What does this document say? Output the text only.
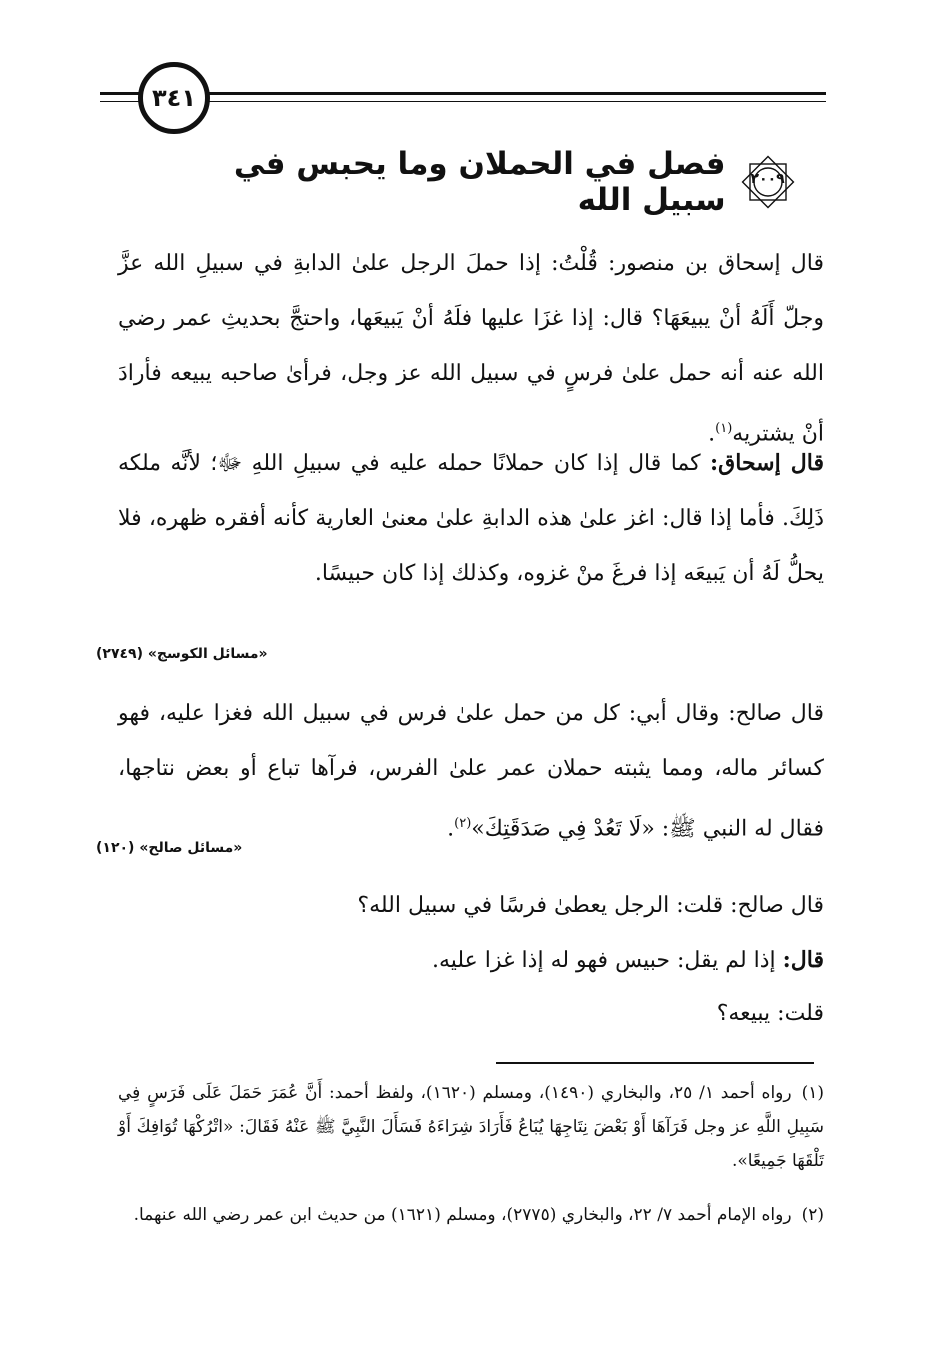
٣٤١
فصل في الحملان وما يحبس في سبيل الله
٢٠٠٩

قال إسحاق بن منصور: قُلْتُ: إذا حملَ الرجل علىٰ الدابةِ في سبيلِ الله عزَّ وجلّ أَلَهُ أنْ يبيعَهَا؟ قال: إذا غزَا عليها فلَهُ أنْ يَبيعَها، واحتجَّ بحديثِ عمر رضي الله عنه أنه حمل علىٰ فرسٍ في سبيل الله عز وجل، فرأىٰ صاحبه يبيعه فأرادَ أنْ يشتريه$^{(١)}$.

قال إسحاق: كما قال إذا كان حملانًا حمله عليه في سبيلِ اللهِ ﷻ؛ لأنَّه ملكه ذَلِكَ. فأما إذا قال: اغز علىٰ هذه الدابةِ علىٰ معنىٰ العارية كأنه أفقره ظهره، فلا يحلُّ لَهُ أن يَبيعَه إذا فرغَ منْ غزوه، وكذلك إذا كان حبيسًا.

«مسائل الكوسج» (٢٧٤٩)

قال صالح: وقال أبي: كل من حمل علىٰ فرس في سبيل الله فغزا عليه، فهو كسائر ماله، ومما يثبته حملان عمر علىٰ الفرس، فرآها تباع أو بعض نتاجها، فقال له النبي ﷺ: «لَا تَعُدْ فِي صَدَقَتِكَ»$^{(٢)}$.

«مسائل صالح» (١٢٠)

قال صالح: قلت: الرجل يعطىٰ فرسًا في سبيل الله؟

قال: إذا لم يقل: حبيس فهو له إذا غزا عليه.

قلت: يبيعه؟

(١)رواه أحمد ١/ ٢٥، والبخاري (١٤٩٠)، ومسلم (١٦٢٠)، ولفظ أحمد: أَنَّ عُمَرَ حَمَلَ عَلَى فَرَسٍ فِي سَبِيلِ اللَّهِ عز وجل فَرَآهَا أَوْ بَعْضَ نِتَاجِهَا يُبَاعُ فَأَرَادَ شِرَاءَهُ فَسَأَلَ النَّبِيَّ ﷺ عَنْهُ فَقَالَ: «اتْرُكْهَا تُوَافِكَ أَوْ تَلْقَهَا جَمِيعًا».

(٢)رواه الإمام أحمد ٧/ ٢٢، والبخاري (٢٧٧٥)، ومسلم (١٦٢١) من حديث ابن عمر رضي الله عنهما.
